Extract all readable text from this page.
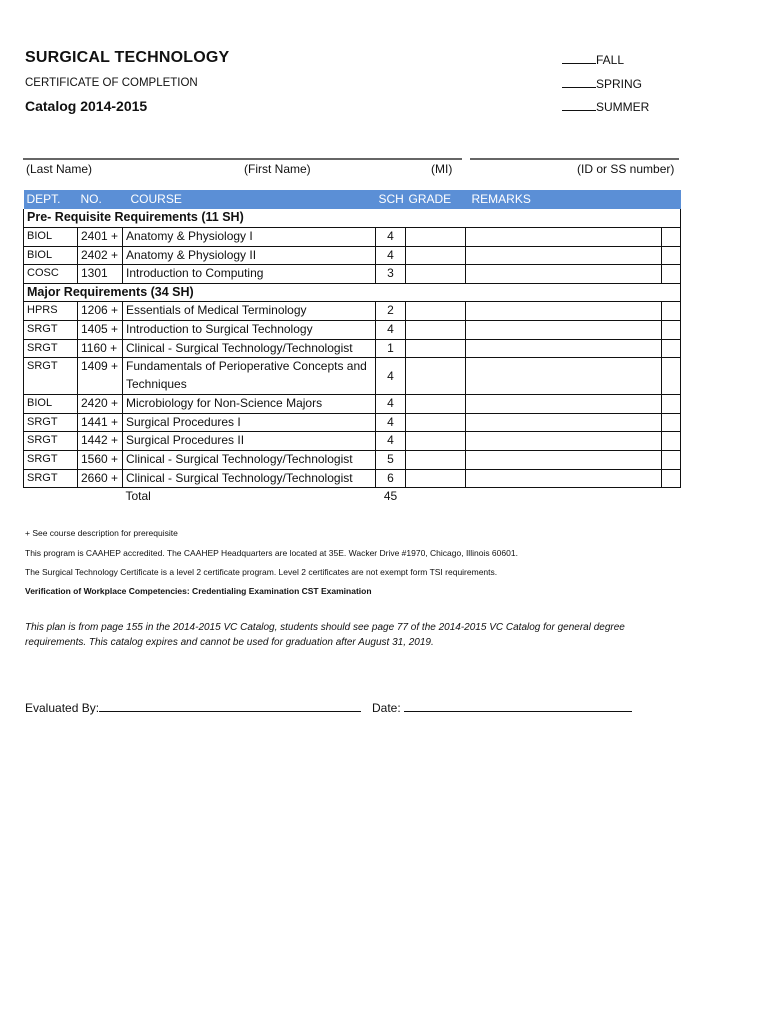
SURGICAL TECHNOLOGY
CERTIFICATE OF COMPLETION
Catalog 2014-2015
FALL
SPRING
SUMMER
(Last Name)	(First Name)	(MI)	(ID or SS number)
DEPT.	NO.	COURSE	SCH	GRADE	REMARKS	
Pre- Requisite Requirements (11 SH)						
BIOL	2401 +	Anatomy & Physiology I	4			
BIOL	2402 +	Anatomy & Physiology II	4			
COSC	1301	Introduction to Computing	3			
Major Requirements (34 SH)						
HPRS	1206 +	Essentials of Medical Terminology	2			
SRGT	1405 +	Introduction to Surgical Technology	4			
SRGT	1160 +	Clinical - Surgical Technology/Technologist	1			
SRGT	1409 +	Fundamentals of Perioperative Concepts and Techniques	4			
BIOL	2420 +	Microbiology for Non-Science Majors	4			
SRGT	1441 +	Surgical Procedures I	4			
SRGT	1442 +	Surgical Procedures II	4			
SRGT	1560 +	Clinical - Surgical Technology/Technologist	5			
SRGT	2660 +	Clinical - Surgical Technology/Technologist	6			
		Total	45			
+ See course description for prerequisite
This program is CAAHEP accredited. The CAAHEP Headquarters are located at 35E. Wacker Drive #1970, Chicago, Illinois 60601.
The Surgical Technology Certificate is a level 2 certificate program. Level 2 certificates are not exempt form TSI requirements.
Verification of Workplace Competencies: Credentialing Examination CST Examination
This plan is from page 155 in the 2014-2015 VC Catalog, students should see page 77 of the 2014-2015 VC Catalog for general degree requirements. This catalog expires and cannot be used for graduation after August 31, 2019.
Evaluated By:	Date:
